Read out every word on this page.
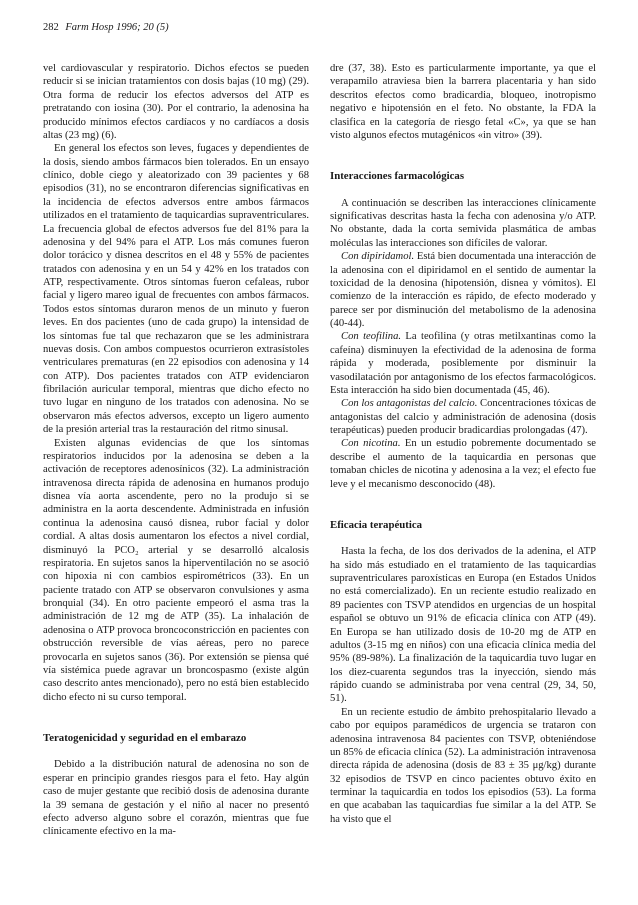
282 Farm Hosp 1996; 20 (5)

vel cardiovascular y respiratorio. Dichos efectos se pueden reducir si se inician tratamientos con dosis bajas (10 mg) (29). Otra forma de reducir los efectos adversos del ATP es pretratando con iosina (30). Por el contrario, la adenosina ha producido mínimos efectos cardíacos y no cardíacos a dosis altas (23 mg) (6).

En general los efectos son leves, fugaces y dependientes de la dosis, siendo ambos fármacos bien tolerados. En un ensayo clínico, doble ciego y aleatorizado con 39 pacientes y 68 episodios (31), no se encontraron diferencias significativas en la incidencia de efectos adversos entre ambos fármacos utilizados en el tratamiento de taquicardias supraventriculares. La frecuencia global de efectos adversos fue del 81% para la adenosina y del 94% para el ATP. Los más comunes fueron dolor torácico y disnea descritos en el 48 y 55% de pacientes tratados con adenosina y en un 54 y 42% en los tratados con ATP, respectivamente. Otros síntomas fueron cefaleas, rubor facial y ligero mareo igual de frecuentes con ambos fármacos. Todos estos síntomas duraron menos de un minuto y fueron leves. En dos pacientes (uno de cada grupo) la intensidad de los síntomas fue tal que rechazaron que se les administrara nuevas dosis. Con ambos compuestos ocurrieron extrasístoles ventriculares prematuras (en 22 episodios con adenosina y 14 con ATP). Dos pacientes tratados con ATP evidenciaron fibrilación auricular temporal, mientras que dicho efecto no tuvo lugar en ninguno de los tratados con adenosina. No se observaron más efectos adversos, excepto un ligero aumento de la presión arterial tras la restauración del ritmo sinusal.

Existen algunas evidencias de que los síntomas respiratorios inducidos por la adenosina se deben a la activación de receptores adenosínicos (32). La administración intravenosa directa rápida de adenosina en humanos produjo disnea vía aorta ascendente, pero no la produjo si se administra en la aorta descendente. Administrada en infusión continua la adenosina causó disnea, rubor facial y dolor cordial. A altas dosis aumentaron los efectos a nivel cordial, disminuyó la PCO₂ arterial y se desarrolló alcalosis respiratoria. En sujetos sanos la hiperventilación no se asoció con hipoxia ni con cambios espirométricos (33). En un paciente tratado con ATP se observaron convulsiones y asma bronquial (34). En otro paciente empeoró el asma tras la administración de 12 mg de ATP (35). La inhalación de adenosina o ATP provoca broncoconstricción en pacientes con obstrucción reversible de vías aéreas, pero no parece provocarla en sujetos sanos (36). Por extensión se piensa qué vía sistémica puede agravar un broncospasmo (existe algún caso descrito antes mencionado), pero no está bien establecido dicho efecto ni su curso temporal.

Teratogenicidad y seguridad en el embarazo

Debido a la distribución natural de adenosina no son de esperar en principio grandes riesgos para el feto. Hay algún caso de mujer gestante que recibió dosis de adenosina durante la 39 semana de gestación y el niño al nacer no presentó efecto adverso alguno sobre el corazón, mientras que fue clínicamente efectivo en la ma-

dre (37, 38). Esto es particularmente importante, ya que el verapamilo atraviesa bien la barrera placentaria y han sido descritos efectos como bradicardia, bloqueo, inotropismo negativo e hipotensión en el feto. No obstante, la FDA la clasifica en la categoría de riesgo fetal «C», ya que se han visto algunos efectos mutagénicos «in vitro» (39).

Interacciones farmacológicas

A continuación se describen las interacciones clínicamente significativas descritas hasta la fecha con adenosina y/o ATP. No obstante, dada la corta semivida plasmática de ambas moléculas las interacciones son difíciles de valorar.

Con dipiridamol. Está bien documentada una interacción de la adenosina con el dipiridamol en el sentido de aumentar la toxicidad de la denosina (hipotensión, disnea y vómitos). El comienzo de la interacción es rápido, de efecto moderado y parece ser por disminución del metabolismo de la adenosina (40-44).

Con teofilina. La teofilina (y otras metilxantinas como la cafeína) disminuyen la efectividad de la adenosina de forma rápida y moderada, posiblemente por disminuir la vasodilatación por antagonismo de los efectos farmacológicos. Esta interacción ha sido bien documentada (45, 46).

Con los antagonistas del calcio. Concentraciones tóxicas de antagonistas del calcio y administración de adenosina (dosis terapéuticas) pueden producir bradicardias prolongadas (47).

Con nicotina. En un estudio pobremente documentado se describe el aumento de la taquicardia en personas que tomaban chicles de nicotina y adenosina a la vez; el efecto fue leve y el mecanismo desconocido (48).

Eficacia terapéutica

Hasta la fecha, de los dos derivados de la adenina, el ATP ha sido más estudiado en el tratamiento de las taquicardias supraventriculares paroxísticas en Europa (en Estados Unidos no está comercializado). En un reciente estudio realizado en 89 pacientes con TSVP atendidos en urgencias de un hospital español se obtuvo un 91% de eficacia clínica con ATP (49). En Europa se han utilizado dosis de 10-20 mg de ATP en adultos (3-15 mg en niños) con una eficacia clínica media del 95% (89-98%). La finalización de la taquicardia tuvo lugar en los diez-cuarenta segundos tras la inyección, siendo más rápido cuando se administraba por vena central (29, 34, 50, 51).

En un reciente estudio de ámbito prehospitalario llevado a cabo por equipos paramédicos de urgencia se trataron con adenosina intravenosa 84 pacientes con TSVP, obteniéndose un 85% de eficacia clínica (52). La administración intravenosa directa rápida de adenosina (dosis de 83 ± 35 μg/kg) durante 32 episodios de TSVP en cinco pacientes obtuvo éxito en terminar la taquicardia en todos los episodios (53). La forma en que acababan las taquicardias fue similar a la del ATP. Se ha visto que el
